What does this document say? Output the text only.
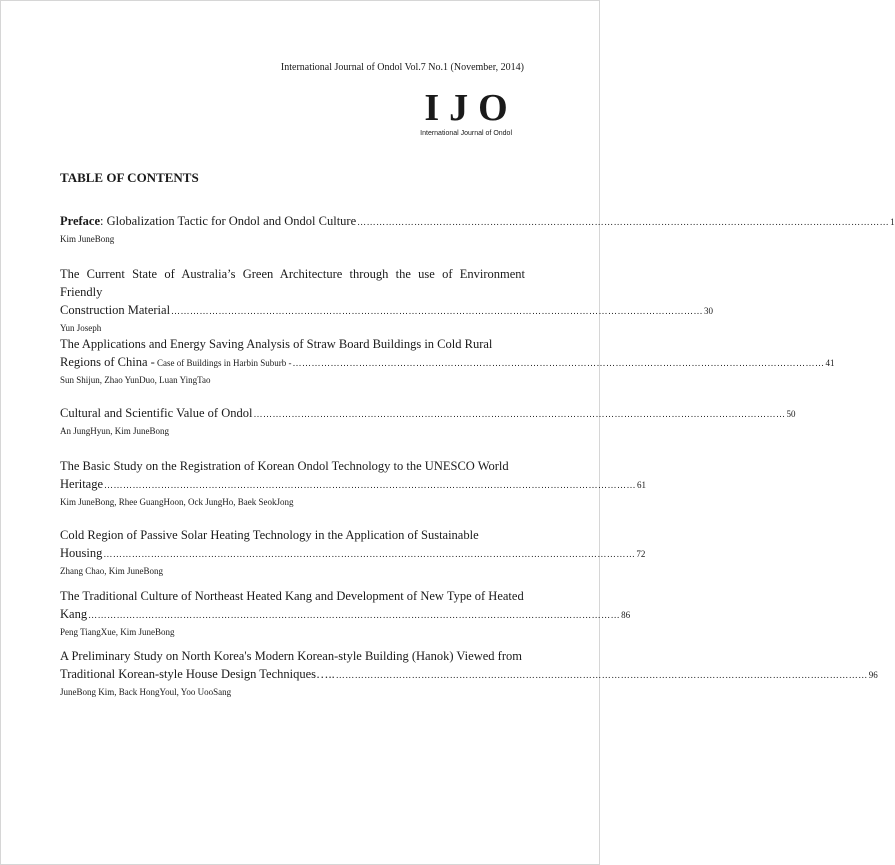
International Journal of Ondol Vol.7 No.1 (November, 2014)
IJO
International Journal of Ondol
TABLE OF CONTENTS
Preface: Globalization Tactic for Ondol and Ondol Culture …………………………………………………………………………………………………………………………………………………… 1
Kim JuneBong
The Current State of Australia’s Green Architecture through the use of Environment Friendly
Construction Material …………………………………………………………………………………………………………………………………………………… 30
Yun Joseph
The Applications and Energy Saving Analysis of Straw Board Buildings in Cold Rural
Regions of China - Case of Buildings in Harbin Suburb - …………………………………………………………………………………………………………………………………………………… 41
Sun Shijun, Zhao YunDuo, Luan YingTao
Cultural and Scientific Value of Ondol …………………………………………………………………………………………………………………………………………………… 50
An JungHyun, Kim JuneBong
The Basic Study on the Registration of Korean Ondol Technology to the UNESCO World
Heritage …………………………………………………………………………………………………………………………………………………… 61
Kim JuneBong, Rhee GuangHoon, Ock JungHo, Baek SeokJong
Cold Region of Passive Solar Heating Technology in the Application of Sustainable
Housing …………………………………………………………………………………………………………………………………………………… 72
Zhang Chao, Kim JuneBong
The Traditional Culture of Northeast Heated Kang and Development of New Type of Heated
Kang …………………………………………………………………………………………………………………………………………………… 86
Peng TiangXue, Kim JuneBong
A Preliminary Study on North Korea's Modern Korean-style Building (Hanok) Viewed from
Traditional Korean-style House Design Techniques….. …………………………………………………………………………………………………………………………………………………… 96
JuneBong Kim, Back HongYoul, Yoo UooSang
